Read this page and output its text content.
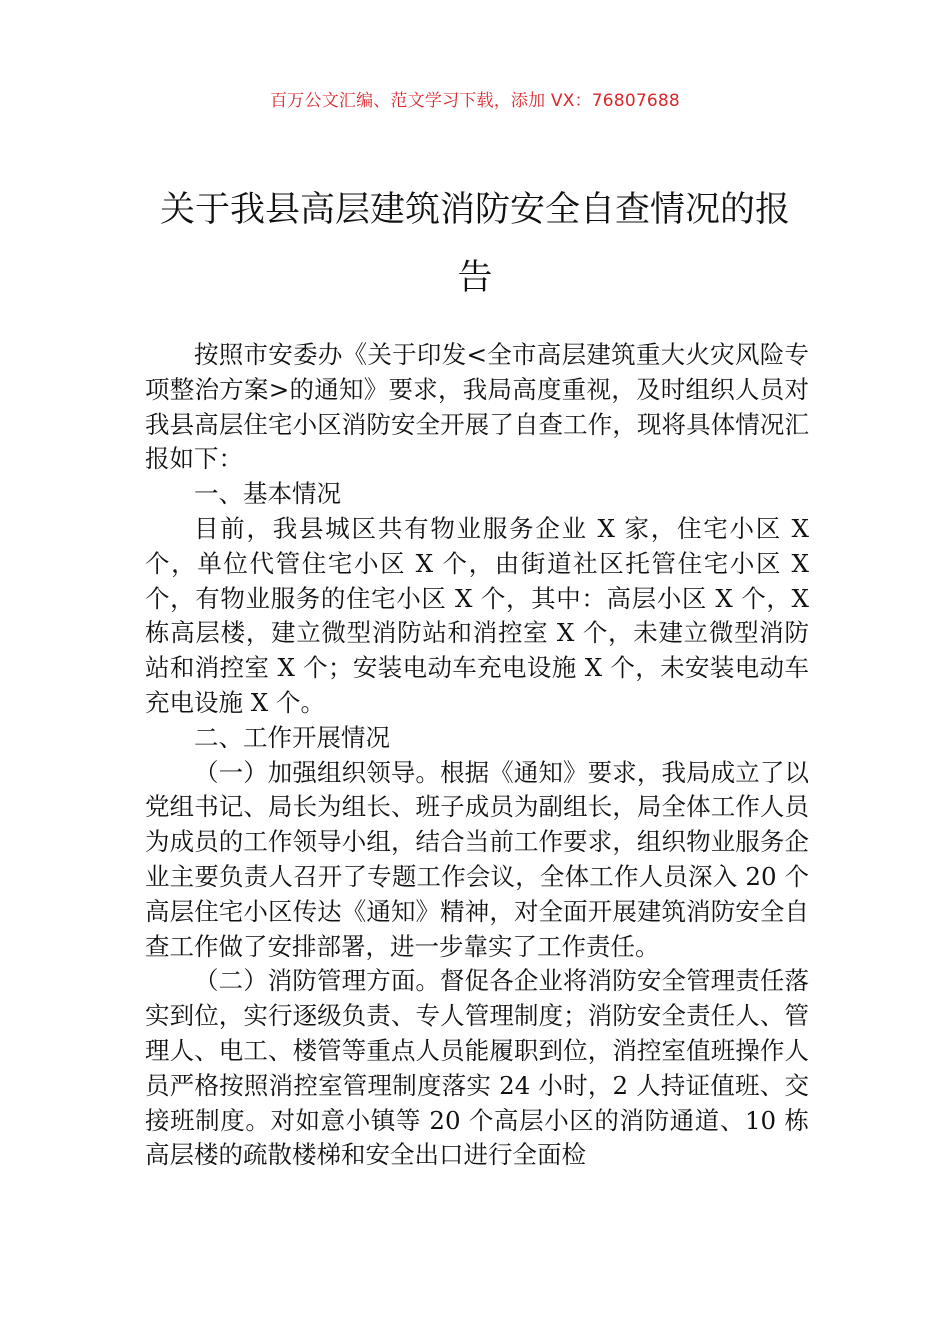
百万公文汇编、范文学习下载，添加 VX：76807688
关于我县高层建筑消防安全自查情况的报告

按照市安委办《关于印发<全市高层建筑重大火灾风险专项整治方案>的通知》要求，我局高度重视，及时组织人员对我县高层住宅小区消防安全开展了自查工作，现将具体情况汇报如下：

一、基本情况

目前，我县城区共有物业服务企业 X 家，住宅小区 X 个，单位代管住宅小区 X 个，由街道社区托管住宅小区 X 个，有物业服务的住宅小区 X 个，其中：高层小区 X 个，X 栋高层楼，建立微型消防站和消控室 X 个，未建立微型消防站和消控室 X 个；安装电动车充电设施 X 个，未安装电动车充电设施 X 个。

二、工作开展情况

（一）加强组织领导。根据《通知》要求，我局成立了以党组书记、局长为组长、班子成员为副组长，局全体工作人员为成员的工作领导小组，结合当前工作要求，组织物业服务企业主要负责人召开了专题工作会议，全体工作人员深入 20 个高层住宅小区传达《通知》精神，对全面开展建筑消防安全自查工作做了安排部署，进一步靠实了工作责任。

（二）消防管理方面。督促各企业将消防安全管理责任落实到位，实行逐级负责、专人管理制度；消防安全责任人、管理人、电工、楼管等重点人员能履职到位，消控室值班操作人员严格按照消控室管理制度落实 24 小时，2 人持证值班、交接班制度。对如意小镇等 20 个高层小区的消防通道、10 栋高层楼的疏散楼梯和安全出口进行全面检
